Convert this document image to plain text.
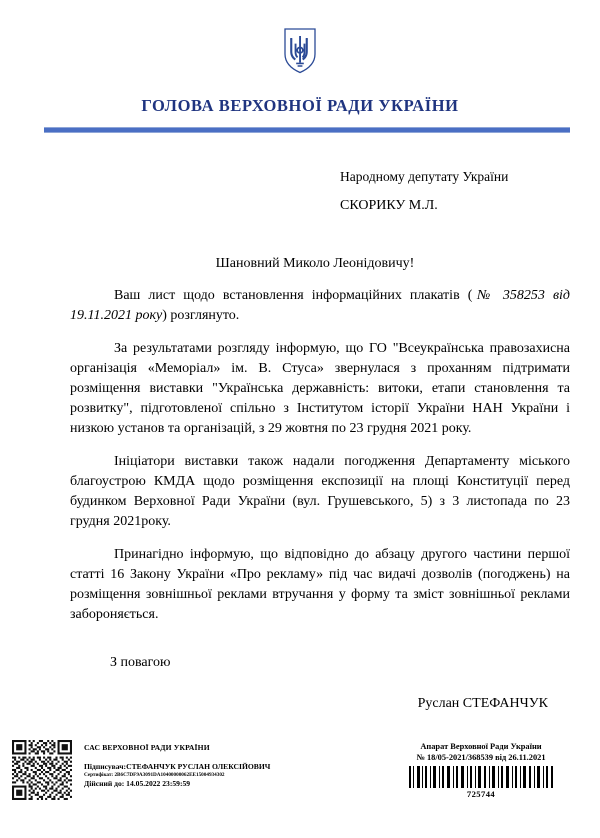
ГОЛОВА ВЕРХОВНОЇ РАДИ УКРАЇНИ
Народному депутату України
СКОРИКУ М.Л.
Шановний Миколо Леонідовичу!

Ваш лист щодо встановлення інформаційних плакатів (№ 358253 від 19.11.2021 року) розглянуто.

За результатами розгляду інформую, що ГО "Всеукраїнська правозахисна організація «Меморіал» ім. В. Стуса» звернулася з проханням підтримати розміщення виставки "Українська державність: витоки, етапи становлення та розвитку", підготовленої спільно з Інститутом історії України НАН України і низкою установ та організацій, з 29 жовтня по 23 грудня 2021 року.

Ініціатори виставки також надали погодження Департаменту міського благоустрою КМДА щодо розміщення експозиції на площі Конституції перед будинком Верховної Ради України (вул. Грушевського, 5) з 3 листопада по 23 грудня 2021року.

Принагідно інформую, що відповідно до абзацу другого частини першої статті 16 Закону України «Про рекламу» під час видачі дозволів (погоджень) на розміщення зовнішньої реклами втручання у форму та зміст зовнішньої реклами забороняється.

З повагою
Руслан СТЕФАНЧУК
САС ВЕРХОВНОЇ РАДИ УКРАЇНИ
Підписувач:СТЕФАНЧУК РУСЛАН ОЛЕКСІЙОВИЧ
Сертифікат: 2B6C7DF9A3091DA10400000062EE15004934302
Дійсний до: 14.05.2022 23:59:59
Апарат Верховної Ради України
№ 18/05-2021/368539 від 26.11.2021
725744
